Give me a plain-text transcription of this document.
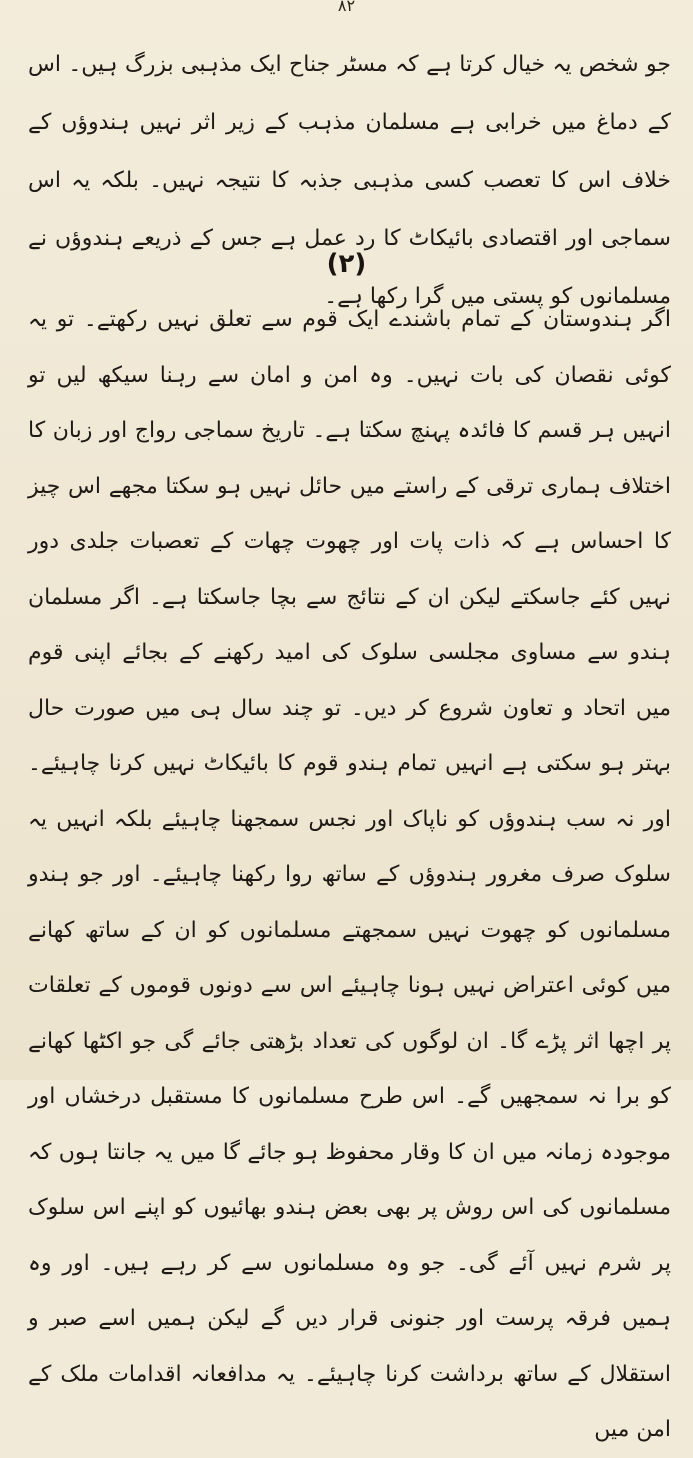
۸۲

جو شخص یہ خیال کرتا ہے کہ مسٹر جناح ایک مذہبی بزرگ ہیں۔ اس کے دماغ میں خرابی ہے مسلمان مذہب کے زیر اثر نہیں ہندوؤں کے خلاف اس کا تعصب کسی مذہبی جذبہ کا نتیجہ نہیں۔ بلکہ یہ اس سماجی اور اقتصادی بائیکاٹ کا رد عمل ہے جس کے ذریعے ہندوؤں نے مسلمانوں کو پستی میں گرا رکھا ہے۔

(۲)

اگر ہندوستان کے تمام باشندے ایک قوم سے تعلق نہیں رکھتے۔ تو یہ کوئی نقصان کی بات نہیں۔ وہ امن و امان سے رہنا سیکھ لیں تو انہیں ہر قسم کا فائدہ پہنچ سکتا ہے۔ تاریخ سماجی رواج اور زبان کا اختلاف ہماری ترقی کے راستے میں حائل نہیں ہو سکتا مجھے اس چیز کا احساس ہے کہ ذات پات اور چھوت چھات کے تعصبات جلدی دور نہیں کئے جاسکتے لیکن ان کے نتائج سے بچا جاسکتا ہے۔ اگر مسلمان ہندو سے مساوی مجلسی سلوک کی امید رکھنے کے بجائے اپنی قوم میں اتحاد و تعاون شروع کر دیں۔ تو چند سال ہی میں صورت حال بہتر ہو سکتی ہے انہیں تمام ہندو قوم کا بائیکاٹ نہیں کرنا چاہیئے۔ اور نہ سب ہندوؤں کو ناپاک اور نجس سمجھنا چاہیئے بلکہ انہیں یہ سلوک صرف مغرور ہندوؤں کے ساتھ روا رکھنا چاہیئے۔ اور جو ہندو مسلمانوں کو چھوت نہیں سمجھتے مسلمانوں کو ان کے ساتھ کھانے میں کوئی اعتراض نہیں ہونا چاہیئے اس سے دونوں قوموں کے تعلقات پر اچھا اثر پڑے گا۔ ان لوگوں کی تعداد بڑھتی جائے گی جو اکٹھا کھانے کو برا نہ سمجھیں گے۔ اس طرح مسلمانوں کا مستقبل درخشاں اور موجودہ زمانہ میں ان کا وقار محفوظ ہو جائے گا میں یہ جانتا ہوں کہ مسلمانوں کی اس روش پر بھی بعض ہندو بھائیوں کو اپنے اس سلوک پر شرم نہیں آئے گی۔ جو وہ مسلمانوں سے کر رہے ہیں۔ اور وہ ہمیں فرقہ پرست اور جنونی قرار دیں گے لیکن ہمیں اسے صبر و استقلال کے ساتھ برداشت کرنا چاہیئے۔ یہ مدافعانہ اقدامات ملک کے امن میں
